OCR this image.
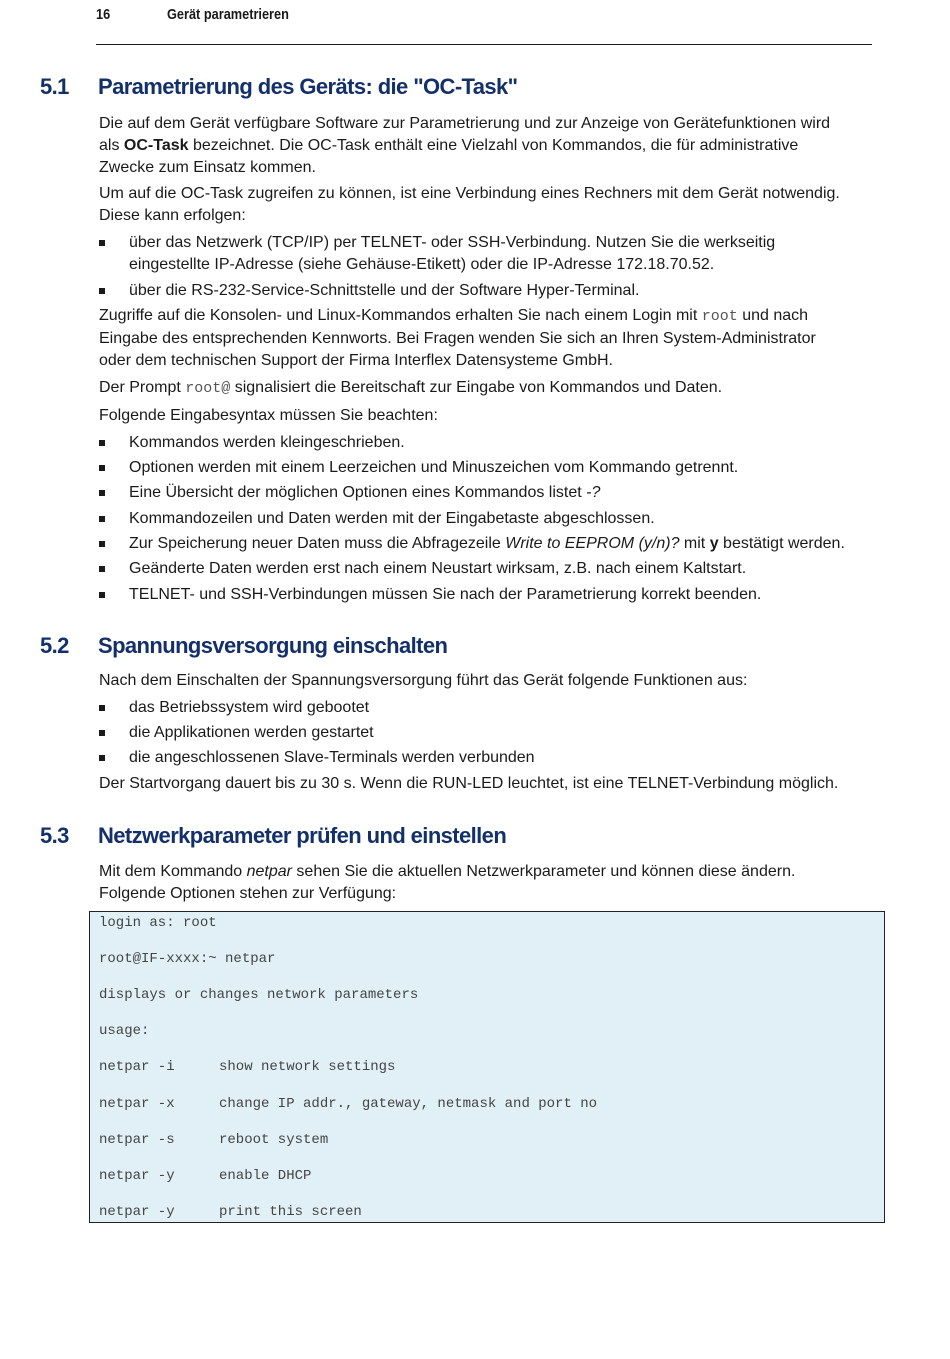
16	Gerät parametrieren
5.1 Parametrierung des Geräts: die "OC-Task"
Die auf dem Gerät verfügbare Software zur Parametrierung und zur Anzeige von Gerätefunktionen wird
als OC-Task bezeichnet. Die OC-Task enthält eine Vielzahl von Kommandos, die für administrative
Zwecke zum Einsatz kommen.
Um auf die OC-Task zugreifen zu können, ist eine Verbindung eines Rechners mit dem Gerät notwendig.
Diese kann erfolgen:
über das Netzwerk (TCP/IP) per TELNET- oder SSH-Verbindung. Nutzen Sie die werkseitig
eingestellte IP-Adresse (siehe Gehäuse-Etikett) oder die IP-Adresse 172.18.70.52.
über die RS-232-Service-Schnittstelle und der Software Hyper-Terminal.
Zugriffe auf die Konsolen- und Linux-Kommandos erhalten Sie nach einem Login mit root und nach
Eingabe des entsprechenden Kennworts. Bei Fragen wenden Sie sich an Ihren System-Administrator
oder dem technischen Support der Firma Interflex Datensysteme GmbH.
Der Prompt root@ signalisiert die Bereitschaft zur Eingabe von Kommandos und Daten.
Folgende Eingabesyntax müssen Sie beachten:
Kommandos werden kleingeschrieben.
Optionen werden mit einem Leerzeichen und Minuszeichen vom Kommando getrennt.
Eine Übersicht der möglichen Optionen eines Kommandos listet -?
Kommandozeilen und Daten werden mit der Eingabetaste abgeschlossen.
Zur Speicherung neuer Daten muss die Abfragezeile Write to EEPROM (y/n)? mit y bestätigt werden.
Geänderte Daten werden erst nach einem Neustart wirksam, z.B. nach einem Kaltstart.
TELNET- und SSH-Verbindungen müssen Sie nach der Parametrierung korrekt beenden.
5.2 Spannungsversorgung einschalten
Nach dem Einschalten der Spannungsversorgung führt das Gerät folgende Funktionen aus:
das Betriebssystem wird gebootet
die Applikationen werden gestartet
die angeschlossenen Slave-Terminals werden verbunden
Der Startvorgang dauert bis zu 30 s. Wenn die RUN-LED leuchtet, ist eine TELNET-Verbindung möglich.
5.3 Netzwerkparameter prüfen und einstellen
Mit dem Kommando netpar sehen Sie die aktuellen Netzwerkparameter und können diese ändern.
Folgende Optionen stehen zur Verfügung:
login as: root
root@IF-xxxx:~ netpar
displays or changes network parameters
usage:
netpar -i	show network settings
netpar -x	change IP addr., gateway, netmask and port no
netpar -s	reboot system
netpar -y	enable DHCP
netpar -y	print this screen
